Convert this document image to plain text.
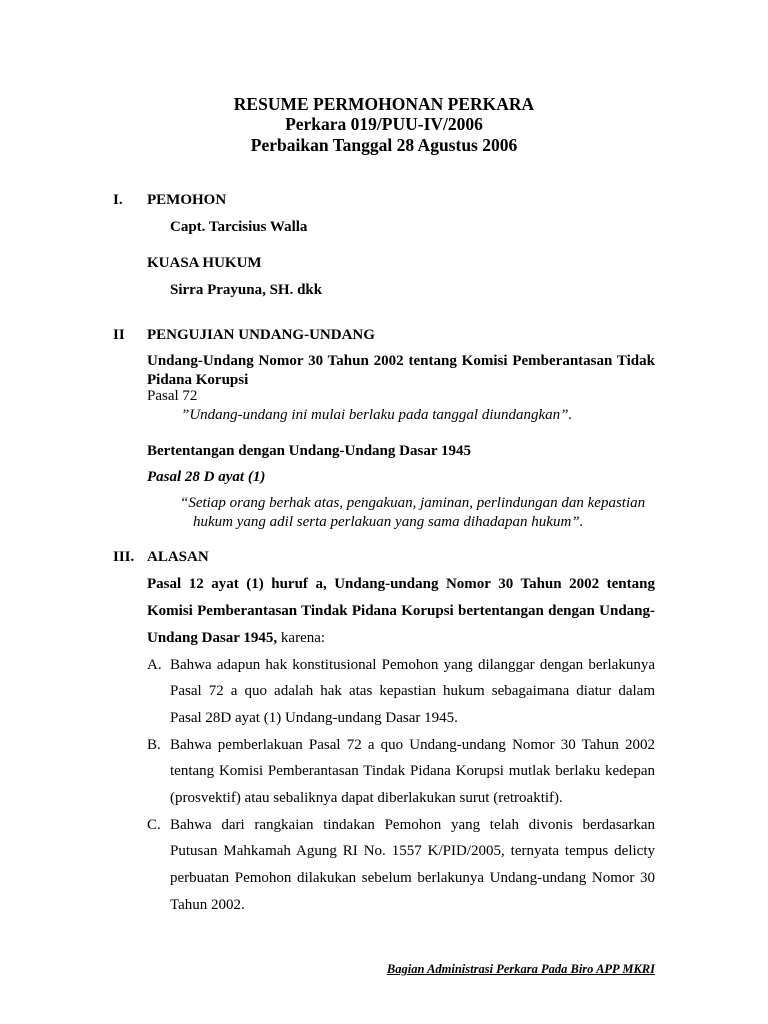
RESUME PERMOHONAN PERKARA
Perkara 019/PUU-IV/2006
Perbaikan Tanggal 28 Agustus 2006
I. PEMOHON
Capt. Tarcisius Walla
KUASA HUKUM
Sirra Prayuna, SH. dkk
II PENGUJIAN UNDANG-UNDANG
Undang-Undang Nomor 30 Tahun 2002 tentang Komisi Pemberantasan Tidak
Pidana Korupsi
Pasal 72
”Undang-undang ini mulai berlaku pada tanggal diundangkan”.
Bertentangan dengan Undang-Undang Dasar 1945
Pasal 28 D ayat (1)
“Setiap orang berhak atas, pengakuan, jaminan, perlindungan dan kepastian
hukum yang adil serta perlakuan yang sama dihadapan hukum”.
III. ALASAN
Pasal 12 ayat (1) huruf a, Undang-undang Nomor 30 Tahun 2002 tentang
Komisi Pemberantasan Tindak Pidana Korupsi bertentangan dengan Undang-
Undang Dasar 1945, karena:
A. Bahwa adapun hak konstitusional Pemohon yang dilanggar dengan berlakunya
Pasal 72 a quo adalah hak atas kepastian hukum sebagaimana diatur dalam
Pasal 28D ayat (1) Undang-undang Dasar 1945.
B. Bahwa pemberlakuan Pasal 72 a quo Undang-undang Nomor 30 Tahun 2002
tentang Komisi Pemberantasan Tindak Pidana Korupsi mutlak berlaku kedepan
(prosvektif) atau sebaliknya dapat diberlakukan surut (retroaktif).
C. Bahwa dari rangkaian tindakan Pemohon yang telah divonis berdasarkan
Putusan Mahkamah Agung RI No. 1557 K/PID/2005, ternyata tempus delicty
perbuatan Pemohon dilakukan sebelum berlakunya Undang-undang Nomor 30
Tahun 2002.
Bagian Administrasi Perkara Pada Biro APP MKRI
